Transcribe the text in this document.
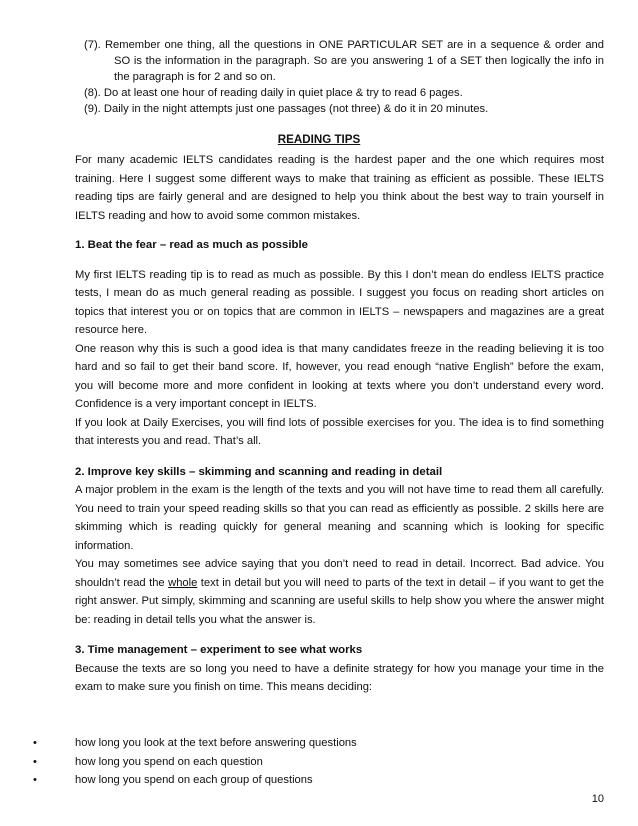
(7). Remember one thing, all the questions in ONE PARTICULAR SET are in a sequence & order and SO is the information in the paragraph. So are you answering 1 of a SET then logically the info in the paragraph is for 2 and so on.

(8). Do at least one hour of reading daily in quiet place & try to read 6 pages.

(9). Daily in the night attempts just one passages (not three) & do it in 20 minutes.

READING TIPS

For many academic IELTS candidates reading is the hardest paper and the one which requires most training. Here I suggest some different ways to make that training as efficient as possible. These IELTS reading tips are fairly general and are designed to help you think about the best way to train yourself in IELTS reading and how to avoid some common mistakes.

1. Beat the fear – read as much as possible

My first IELTS reading tip is to read as much as possible. By this I don’t mean do endless IELTS practice tests, I mean do as much general reading as possible. I suggest you focus on reading short articles on topics that interest you or on topics that are common in IELTS – newspapers and magazines are a great resource here.

One reason why this is such a good idea is that many candidates freeze in the reading believing it is too hard and so fail to get their band score. If, however, you read enough “native English” before the exam, you will become more and more confident in looking at texts where you don’t understand every word. Confidence is a very important concept in IELTS.

If you look at Daily Exercises, you will find lots of possible exercises for you. The idea is to find something that interests you and read. That’s all.

2. Improve key skills – skimming and scanning and reading in detail

A major problem in the exam is the length of the texts and you will not have time to read them all carefully. You need to train your speed reading skills so that you can read as efficiently as possible. 2 skills here are skimming which is reading quickly for general meaning and scanning which is looking for specific information.

You may sometimes see advice saying that you don’t need to read in detail. Incorrect. Bad advice. You shouldn’t read the whole text in detail but you will need to parts of the text in detail – if you want to get the right answer. Put simply, skimming and scanning are useful skills to help show you where the answer might be: reading in detail tells you what the answer is.

3. Time management – experiment to see what works

Because the texts are so long you need to have a definite strategy for how you manage your time in the exam to make sure you finish on time. This means deciding:

•	how long you look at the text before answering questions
•	how long you spend on each question
•	how long you spend on each group of questions
10
